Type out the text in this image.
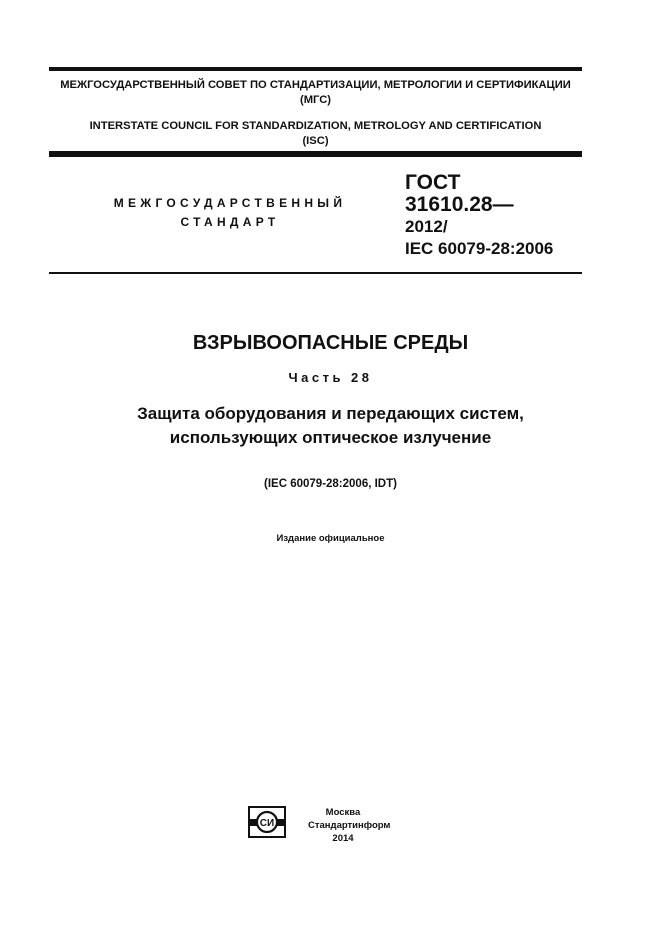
МЕЖГОСУДАРСТВЕННЫЙ СОВЕТ ПО СТАНДАРТИЗАЦИИ, МЕТРОЛОГИИ И СЕРТИФИКАЦИИ
(МГС)
INTERSTATE COUNCIL FOR STANDARDIZATION, METROLOGY AND CERTIFICATION
(ISC)
МЕЖГОСУДАРСТВЕННЫЙ
СТАНДАРТ
ГОСТ
31610.28—
2012/
IEC 60079-28:2006
ВЗРЫВООПАСНЫЕ СРЕДЫ
Часть 28
Защита оборудования и передающих систем,
использующих оптическое излучение
(IEC 60079-28:2006, IDT)
Издание официальное
СИ
Москва
Стандартинформ
2014
